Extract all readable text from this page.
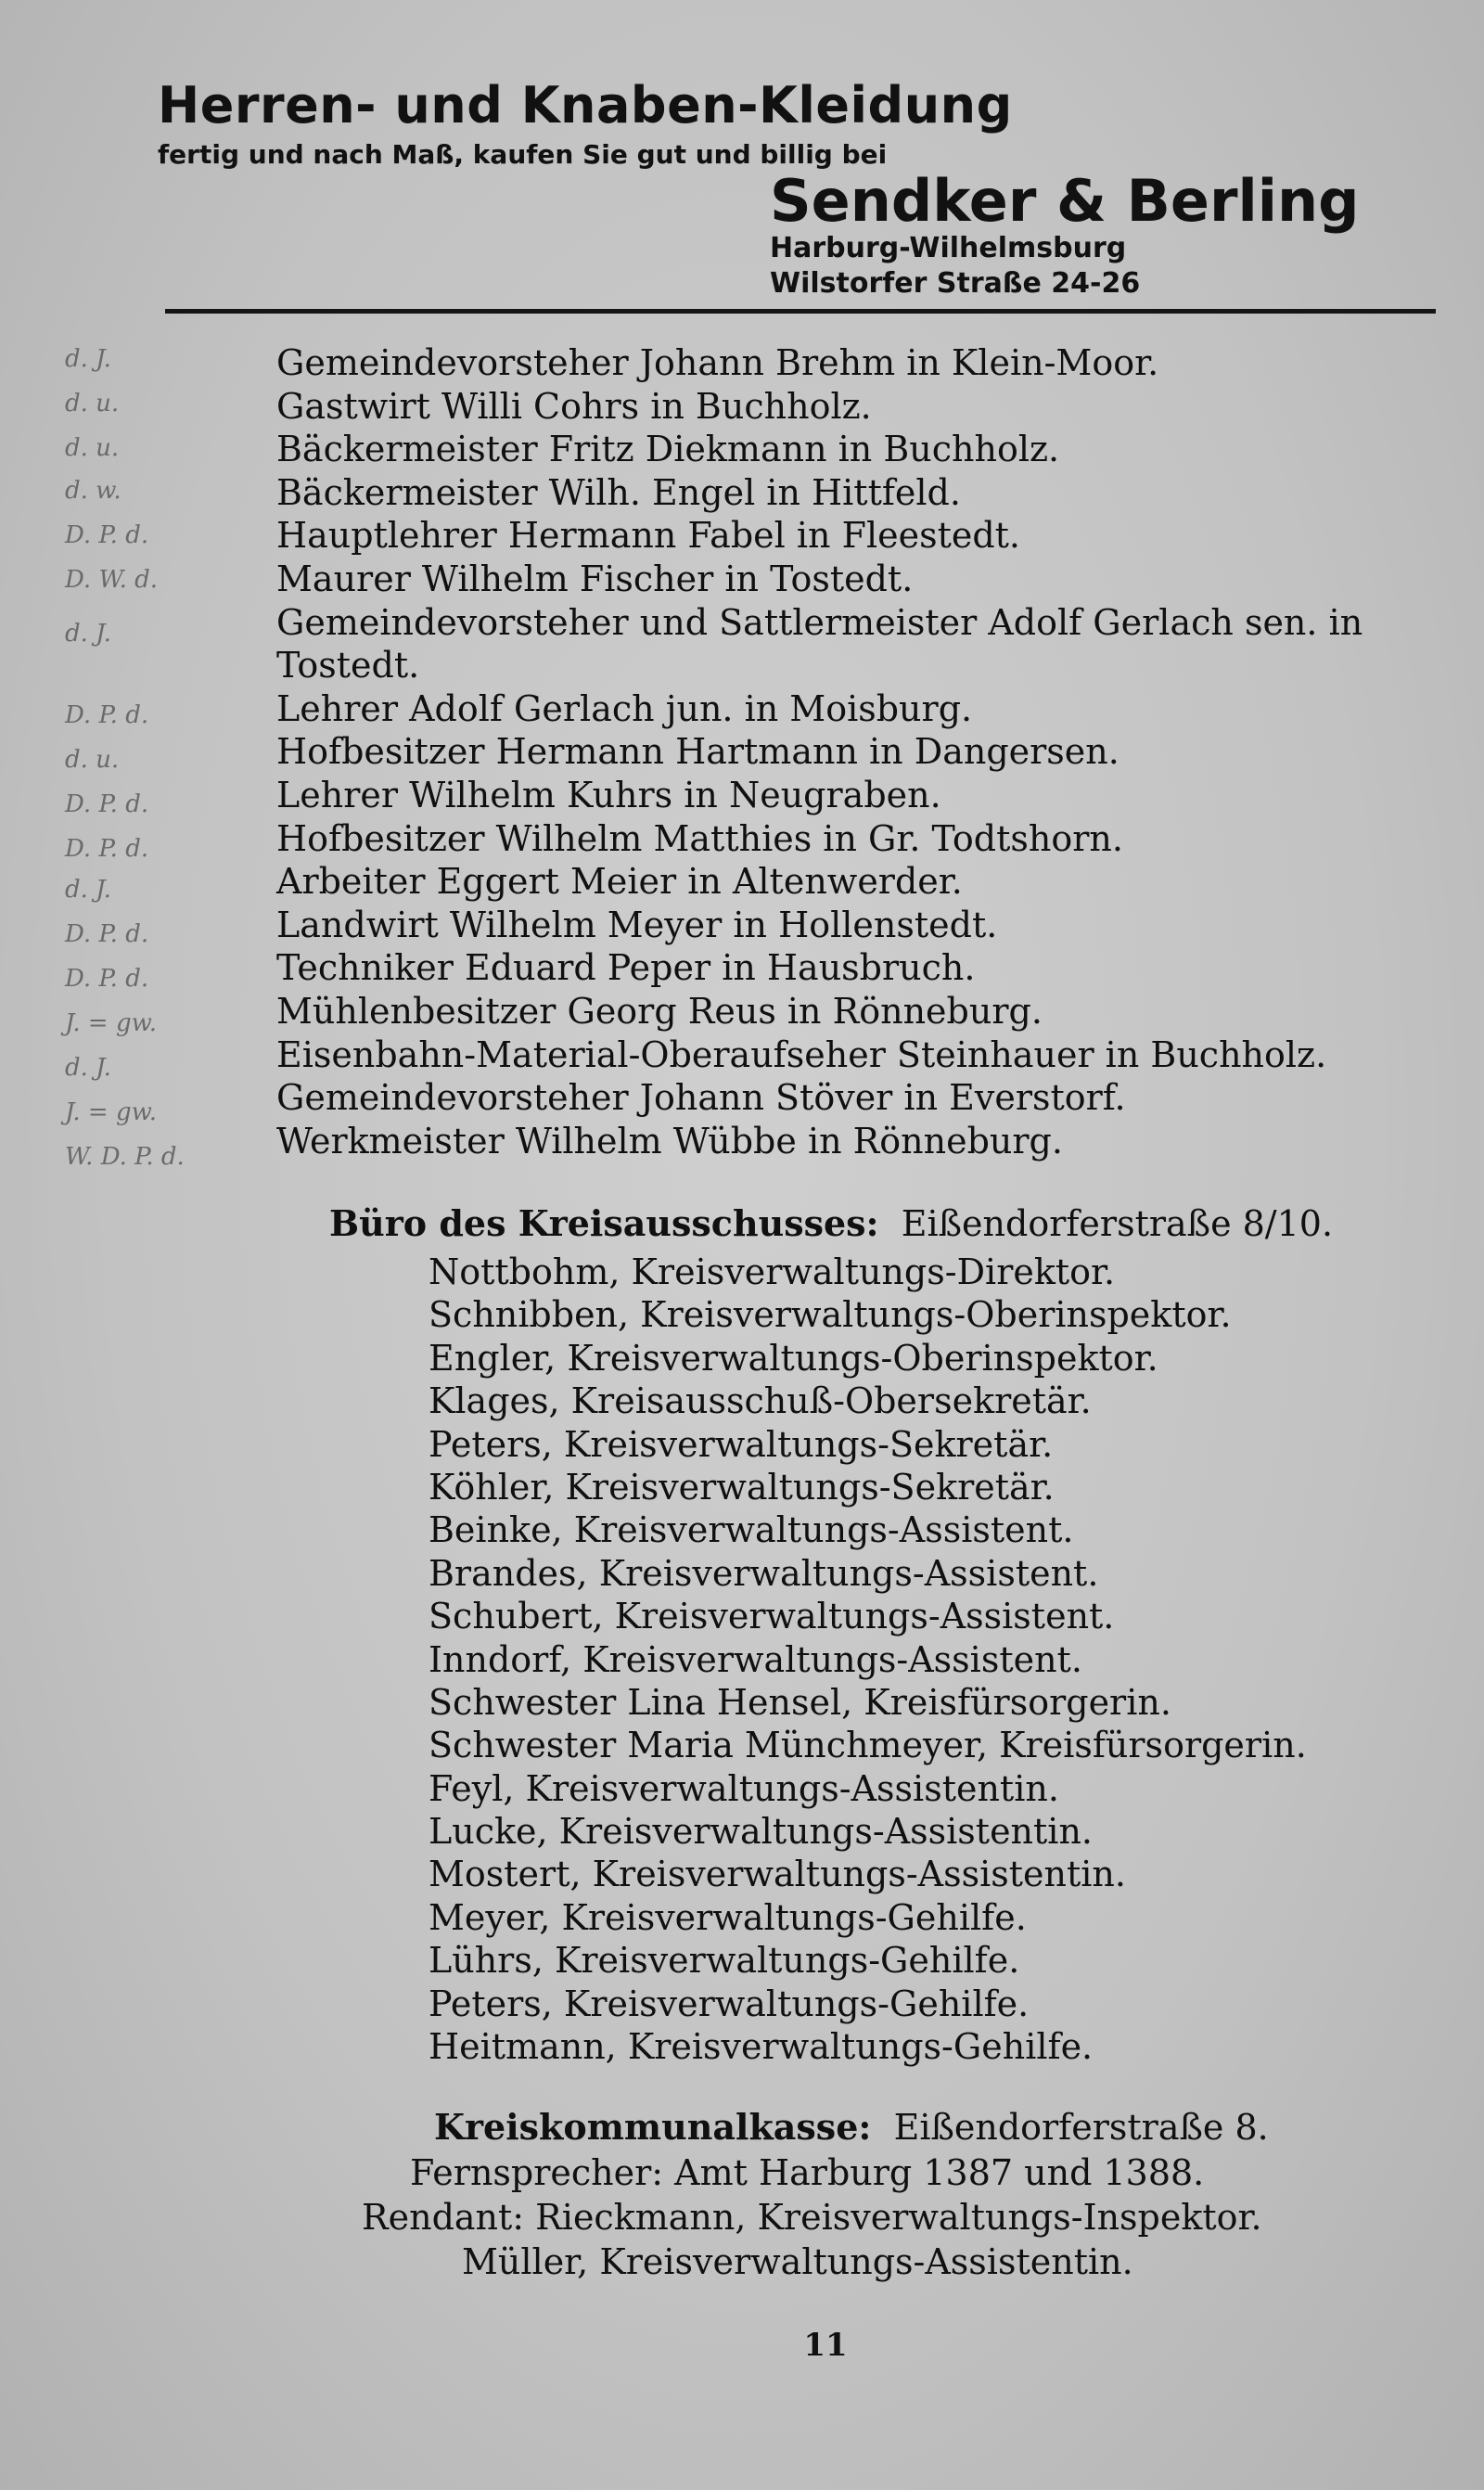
Herren- und Knaben-Kleidung
fertig und nach Maß, kaufen Sie gut und billig bei
Sendker & Berling
Harburg-Wilhelmsburg
Wilstorfer Straße 24-26
d. J.
d. u.
d. u.
d. w.
D. P. d.
D. W. d.
d. J.
D. P. d.
d. u.
D. P. d.
D. P. d.
d. J.
D. P. d.
D. P. d.
J. = gw.
d. J.
J. = gw.
W. D. P. d.
Gemeindevorsteher Johann Brehm in Klein-Moor.
Gastwirt Willi Cohrs in Buchholz.
Bäckermeister Fritz Diekmann in Buchholz.
Bäckermeister Wilh. Engel in Hittfeld.
Hauptlehrer Hermann Fabel in Fleestedt.
Maurer Wilhelm Fischer in Tostedt.
Gemeindevorsteher und Sattlermeister Adolf Gerlach sen. in
Tostedt.
Lehrer Adolf Gerlach jun. in Moisburg.
Hofbesitzer Hermann Hartmann in Dangersen.
Lehrer Wilhelm Kuhrs in Neugraben.
Hofbesitzer Wilhelm Matthies in Gr. Todtshorn.
Arbeiter Eggert Meier in Altenwerder.
Landwirt Wilhelm Meyer in Hollenstedt.
Techniker Eduard Peper in Hausbruch.
Mühlenbesitzer Georg Reus in Rönneburg.
Eisenbahn-Material-Oberaufseher Steinhauer in Buchholz.
Gemeindevorsteher Johann Stöver in Everstorf.
Werkmeister Wilhelm Wübbe in Rönneburg.
Büro des Kreisausschusses: Eißendorferstraße 8/10.
Nottbohm, Kreisverwaltungs-Direktor.
Schnibben, Kreisverwaltungs-Oberinspektor.
Engler, Kreisverwaltungs-Oberinspektor.
Klages, Kreisausschuß-Obersekretär.
Peters, Kreisverwaltungs-Sekretär.
Köhler, Kreisverwaltungs-Sekretär.
Beinke, Kreisverwaltungs-Assistent.
Brandes, Kreisverwaltungs-Assistent.
Schubert, Kreisverwaltungs-Assistent.
Inndorf, Kreisverwaltungs-Assistent.
Schwester Lina Hensel, Kreisfürsorgerin.
Schwester Maria Münchmeyer, Kreisfürsorgerin.
Feyl, Kreisverwaltungs-Assistentin.
Lucke, Kreisverwaltungs-Assistentin.
Mostert, Kreisverwaltungs-Assistentin.
Meyer, Kreisverwaltungs-Gehilfe.
Lührs, Kreisverwaltungs-Gehilfe.
Peters, Kreisverwaltungs-Gehilfe.
Heitmann, Kreisverwaltungs-Gehilfe.
Kreiskommunalkasse: Eißendorferstraße 8.
Fernsprecher: Amt Harburg 1387 und 1388.
Rendant: Rieckmann, Kreisverwaltungs-Inspektor.
Müller, Kreisverwaltungs-Assistentin.
11
